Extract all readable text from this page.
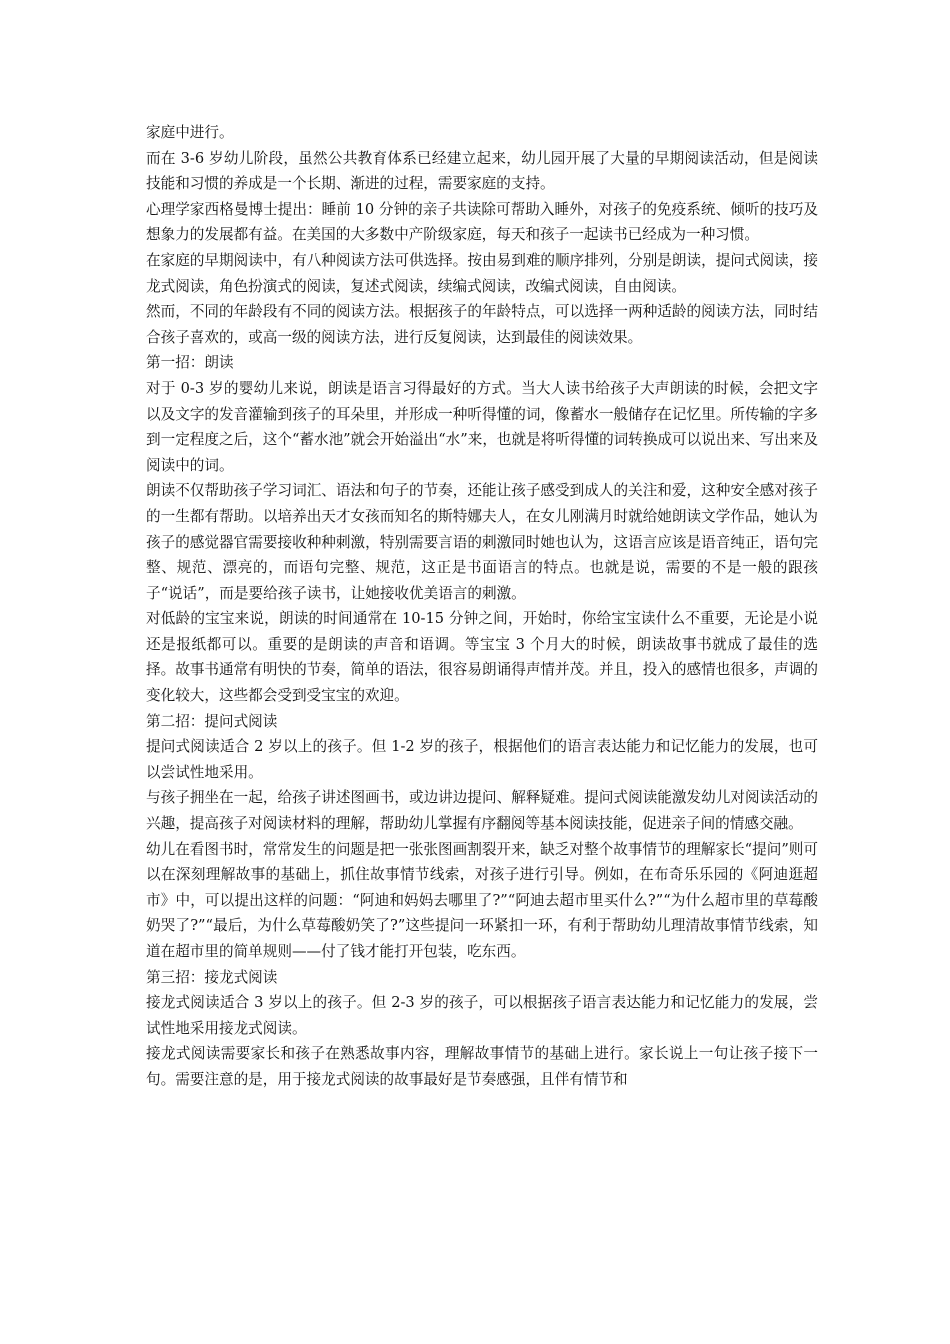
家庭中进行。

而在 3-6 岁幼儿阶段，虽然公共教育体系已经建立起来，幼儿园开展了大量的早期阅读活动，但是阅读技能和习惯的养成是一个长期、渐进的过程，需要家庭的支持。

心理学家西格曼博士提出：睡前 10 分钟的亲子共读除可帮助入睡外，对孩子的免疫系统、倾听的技巧及想象力的发展都有益。在美国的大多数中产阶级家庭，每天和孩子一起读书已经成为一种习惯。

在家庭的早期阅读中，有八种阅读方法可供选择。按由易到难的顺序排列，分别是朗读，提问式阅读，接龙式阅读，角色扮演式的阅读，复述式阅读，续编式阅读，改编式阅读，自由阅读。

然而，不同的年龄段有不同的阅读方法。根据孩子的年龄特点，可以选择一两种适龄的阅读方法，同时结合孩子喜欢的，或高一级的阅读方法，进行反复阅读，达到最佳的阅读效果。

第一招：朗读

对于 0-3 岁的婴幼儿来说，朗读是语言习得最好的方式。当大人读书给孩子大声朗读的时候，会把文字以及文字的发音灌输到孩子的耳朵里，并形成一种听得懂的词，像蓄水一般储存在记忆里。所传输的字多到一定程度之后，这个“蓄水池”就会开始溢出“水”来，也就是将听得懂的词转换成可以说出来、写出来及阅读中的词。

朗读不仅帮助孩子学习词汇、语法和句子的节奏，还能让孩子感受到成人的关注和爱，这种安全感对孩子的一生都有帮助。以培养出天才女孩而知名的斯特娜夫人，在女儿刚满月时就给她朗读文学作品，她认为孩子的感觉器官需要接收种种刺激，特别需要言语的刺激同时她也认为，这语言应该是语音纯正，语句完整、规范、漂亮的，而语句完整、规范，这正是书面语言的特点。也就是说，需要的不是一般的跟孩子“说话”，而是要给孩子读书，让她接收优美语言的刺激。

对低龄的宝宝来说，朗读的时间通常在 10-15 分钟之间，开始时，你给宝宝读什么不重要，无论是小说还是报纸都可以。重要的是朗读的声音和语调。等宝宝 3 个月大的时候，朗读故事书就成了最佳的选择。故事书通常有明快的节奏，简单的语法，很容易朗诵得声情并茂。并且，投入的感情也很多，声调的变化较大，这些都会受到受宝宝的欢迎。

第二招：提问式阅读

提问式阅读适合 2 岁以上的孩子。但 1-2 岁的孩子，根据他们的语言表达能力和记忆能力的发展，也可以尝试性地采用。

与孩子拥坐在一起，给孩子讲述图画书，或边讲边提问、解释疑难。提问式阅读能激发幼儿对阅读活动的兴趣，提高孩子对阅读材料的理解，帮助幼儿掌握有序翻阅等基本阅读技能，促进亲子间的情感交融。

幼儿在看图书时，常常发生的问题是把一张张图画割裂开来，缺乏对整个故事情节的理解家长“提问”则可以在深刻理解故事的基础上，抓住故事情节线索，对孩子进行引导。例如，在布奇乐乐园的《阿迪逛超市》中，可以提出这样的问题：“阿迪和妈妈去哪里了?”“阿迪去超市里买什么?”“为什么超市里的草莓酸奶哭了?”“最后，为什么草莓酸奶笑了?”这些提问一环紧扣一环，有利于帮助幼儿理清故事情节线索，知道在超市里的简单规则——付了钱才能打开包装，吃东西。

第三招：接龙式阅读

接龙式阅读适合 3 岁以上的孩子。但 2-3 岁的孩子，可以根据孩子语言表达能力和记忆能力的发展，尝试性地采用接龙式阅读。

接龙式阅读需要家长和孩子在熟悉故事内容，理解故事情节的基础上进行。家长说上一句让孩子接下一句。需要注意的是，用于接龙式阅读的故事最好是节奏感强，且伴有情节和
